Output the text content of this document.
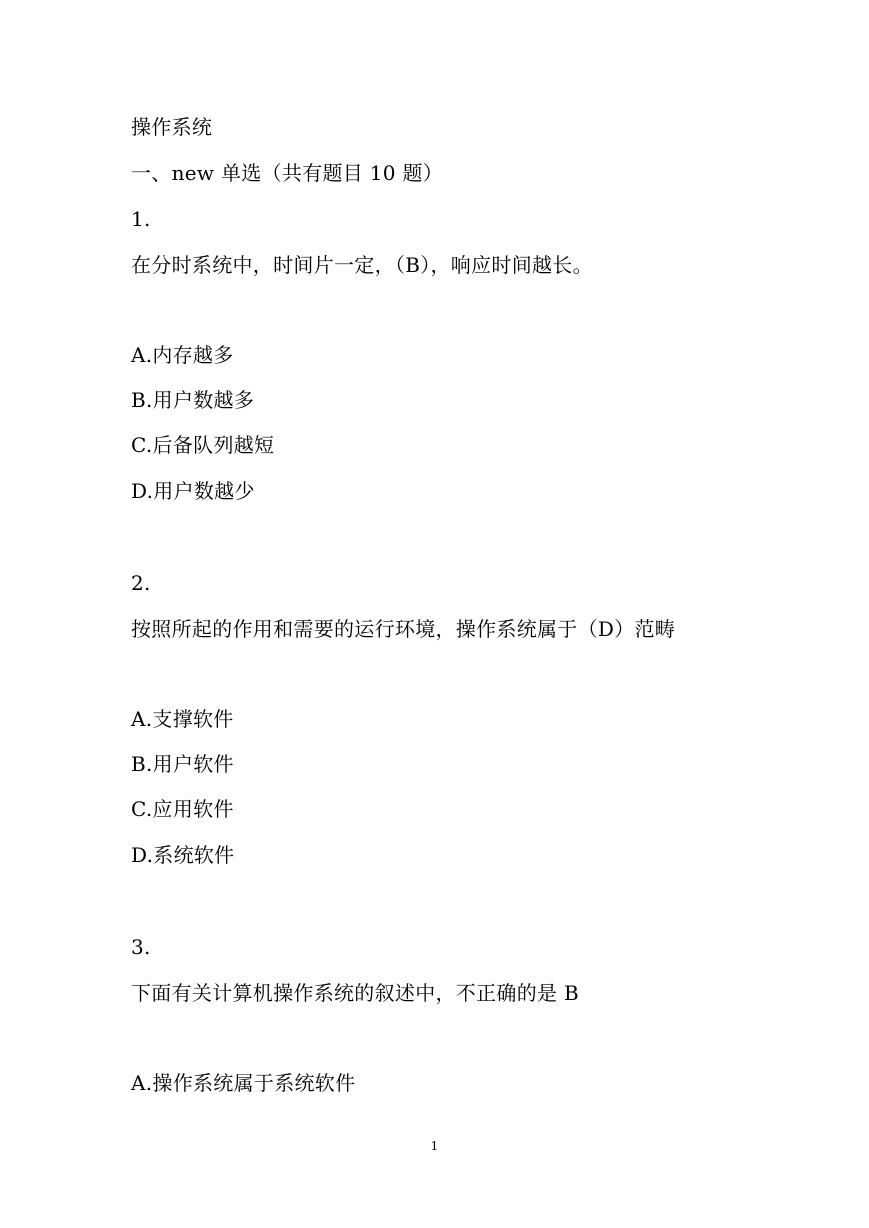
操作系统
一、new 单选（共有题目 10 题）
1.
在分时系统中，时间片一定，（B），响应时间越长。
A.内存越多
B.用户数越多
C.后备队列越短
D.用户数越少
2.
按照所起的作用和需要的运行环境，操作系统属于（D）范畴
A.支撑软件
B.用户软件
C.应用软件
D.系统软件
3.
下面有关计算机操作系统的叙述中，不正确的是 B
A.操作系统属于系统软件
1
